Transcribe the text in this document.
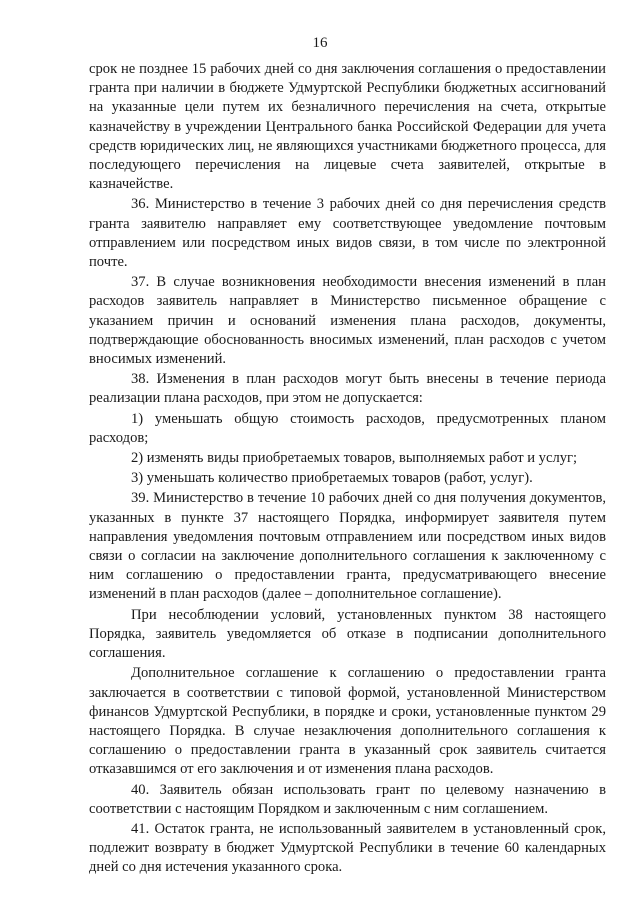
16

срок не позднее 15 рабочих дней со дня заключения соглашения о предоставлении гранта при наличии в бюджете Удмуртской Республики бюджетных ассигнований на указанные цели путем их безналичного перечисления на счета, открытые казначейству в учреждении Центрального банка Российской Федерации для учета средств юридических лиц, не являющихся участниками бюджетного процесса, для последующего перечисления на лицевые счета заявителей, открытые в казначействе.

36. Министерство в течение 3 рабочих дней со дня перечисления средств гранта заявителю направляет ему соответствующее уведомление почтовым отправлением или посредством иных видов связи, в том числе по электронной почте.

37. В случае возникновения необходимости внесения изменений в план расходов заявитель направляет в Министерство письменное обращение с указанием причин и оснований изменения плана расходов, документы, подтверждающие обоснованность вносимых изменений, план расходов с учетом вносимых изменений.

38. Изменения в план расходов могут быть внесены в течение периода реализации плана расходов, при этом не допускается:

1) уменьшать общую стоимость расходов, предусмотренных планом расходов;

2) изменять виды приобретаемых товаров, выполняемых работ и услуг;

3) уменьшать количество приобретаемых товаров (работ, услуг).

39. Министерство в течение 10 рабочих дней со дня получения документов, указанных в пункте 37 настоящего Порядка, информирует заявителя путем направления уведомления почтовым отправлением или посредством иных видов связи о согласии на заключение дополнительного соглашения к заключенному с ним соглашению о предоставлении гранта, предусматривающего внесение изменений в план расходов (далее – дополнительное соглашение).

При несоблюдении условий, установленных пунктом 38 настоящего Порядка, заявитель уведомляется об отказе в подписании дополнительного соглашения.

Дополнительное соглашение к соглашению о предоставлении гранта заключается в соответствии с типовой формой, установленной Министерством финансов Удмуртской Республики, в порядке и сроки, установленные пунктом 29 настоящего Порядка. В случае незаключения дополнительного соглашения к соглашению о предоставлении гранта в указанный срок заявитель считается отказавшимся от его заключения и от изменения плана расходов.

40. Заявитель обязан использовать грант по целевому назначению в соответствии с настоящим Порядком и заключенным с ним соглашением.

41. Остаток гранта, не использованный заявителем в установленный срок, подлежит возврату в бюджет Удмуртской Республики в течение 60 календарных дней со дня истечения указанного срока.
